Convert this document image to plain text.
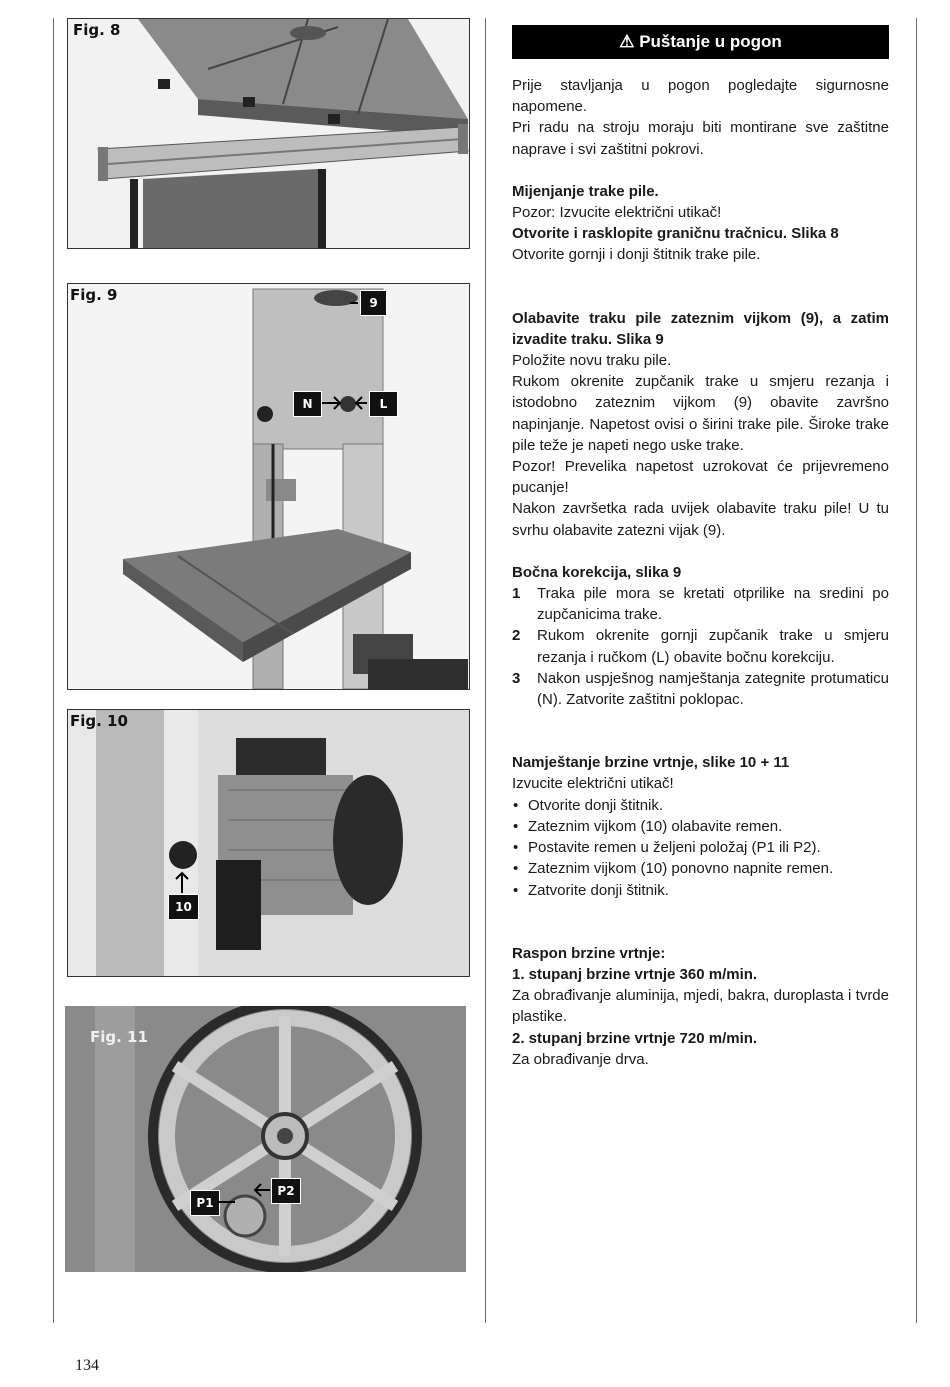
Fig. 8
Fig. 9	9
N	L
Fig. 10
10
Fig. 11
P1
P2
⚠ Puštanje u pogon

Prije stavljanja u pogon pogledajte sigurnosne napomene.

Pri radu na stroju moraju biti montirane sve zaštitne naprave i svi zaštitni pokrovi.

Mijenjanje trake pile.

Pozor: Izvucite električni utikač!

Otvorite i rasklopite graničnu tračnicu. Slika 8

Otvorite gornji i donji štitnik trake pile.

Olabavite traku pile zateznim vijkom (9), a zatim izvadite traku. Slika 9

Položite novu traku pile.

Rukom okrenite zupčanik trake u smjeru rezanja i istodobno zateznim vijkom (9) obavite završno napinjanje. Napetost ovisi o širini trake pile. Široke trake pile teže je napeti nego uske trake.

Pozor! Prevelika napetost uzrokovat će prijevremeno pucanje!

Nakon završetka rada uvijek olabavite traku pile! U tu svrhu olabavite zatezni vijak (9).

Bočna korekcija, slika 9

1 Traka pile mora se kretati otprilike na sredini po zupčanicima trake.
2 Rukom okrenite gornji zupčanik trake u smjeru rezanja i ručkom (L) obavite bočnu korekciju.
3 Nakon uspješnog namještanja zategnite protumaticu (N). Zatvorite zaštitni poklopac.

Namještanje brzine vrtnje, slike 10 + 11

Izvucite električni utikač!

• Otvorite donji štitnik.
• Zateznim vijkom (10) olabavite remen.
• Postavite remen u željeni položaj (P1 ili P2).
• Zateznim vijkom (10) ponovno napnite remen.
• Zatvorite donji štitnik.

Raspon brzine vrtnje:

1. stupanj brzine vrtnje 360 m/min.

Za obrađivanje aluminija, mjedi, bakra, duroplasta i tvrde plastike.

2. stupanj brzine vrtnje 720 m/min.

Za obrađivanje drva.

134
